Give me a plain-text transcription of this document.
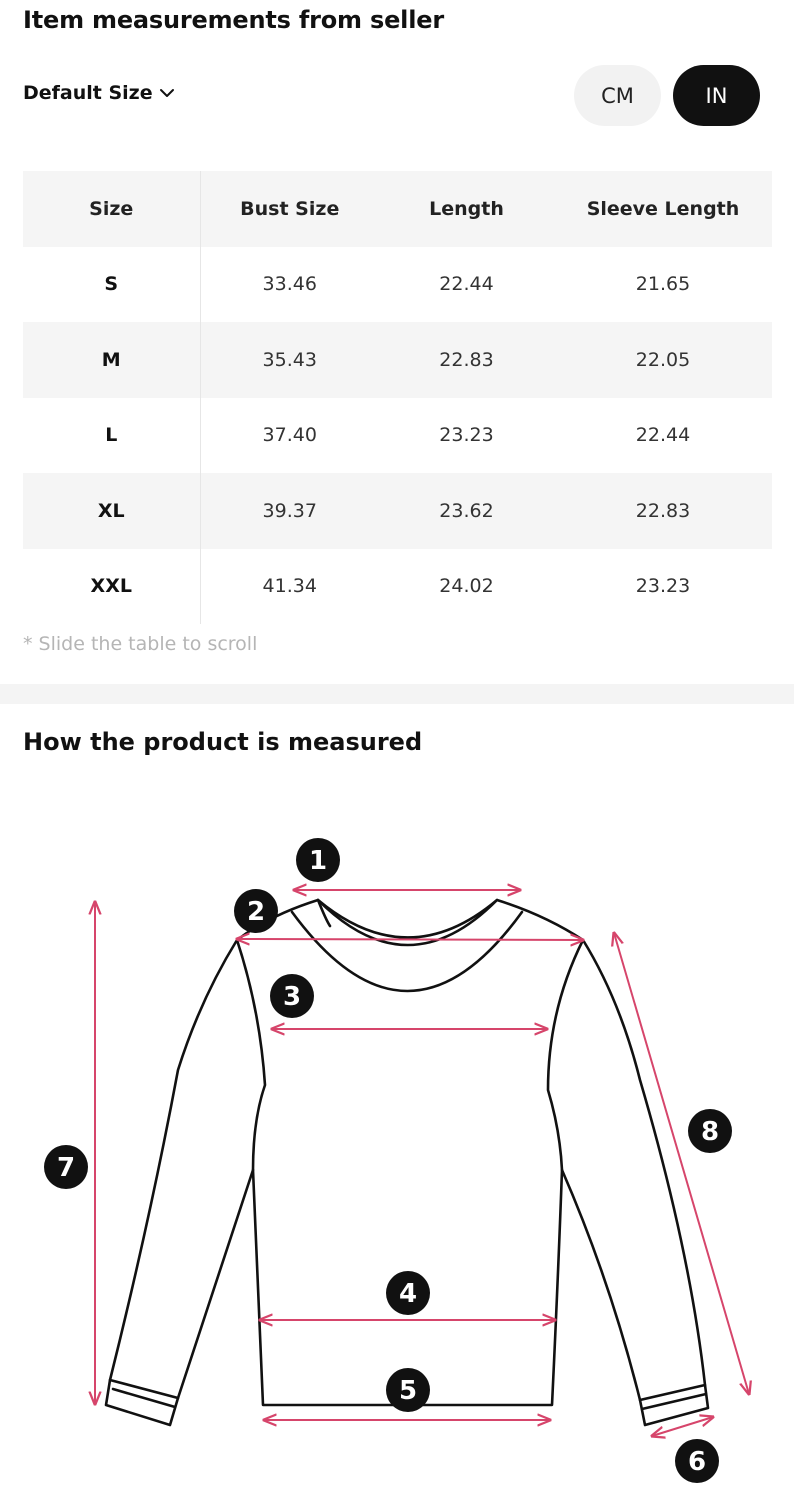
Item measurements from seller
Default Size	CM	IN
Size	Bust Size	Length	Sleeve Length
S	33.46	22.44	21.65
M	35.43	22.83	22.05
L	37.40	23.23	22.44
XL	39.37	23.62	22.83
XXL	41.34	24.02	23.23
* Slide the table to scroll
How the product is measured
1
2
3
4
5
6
7
8
